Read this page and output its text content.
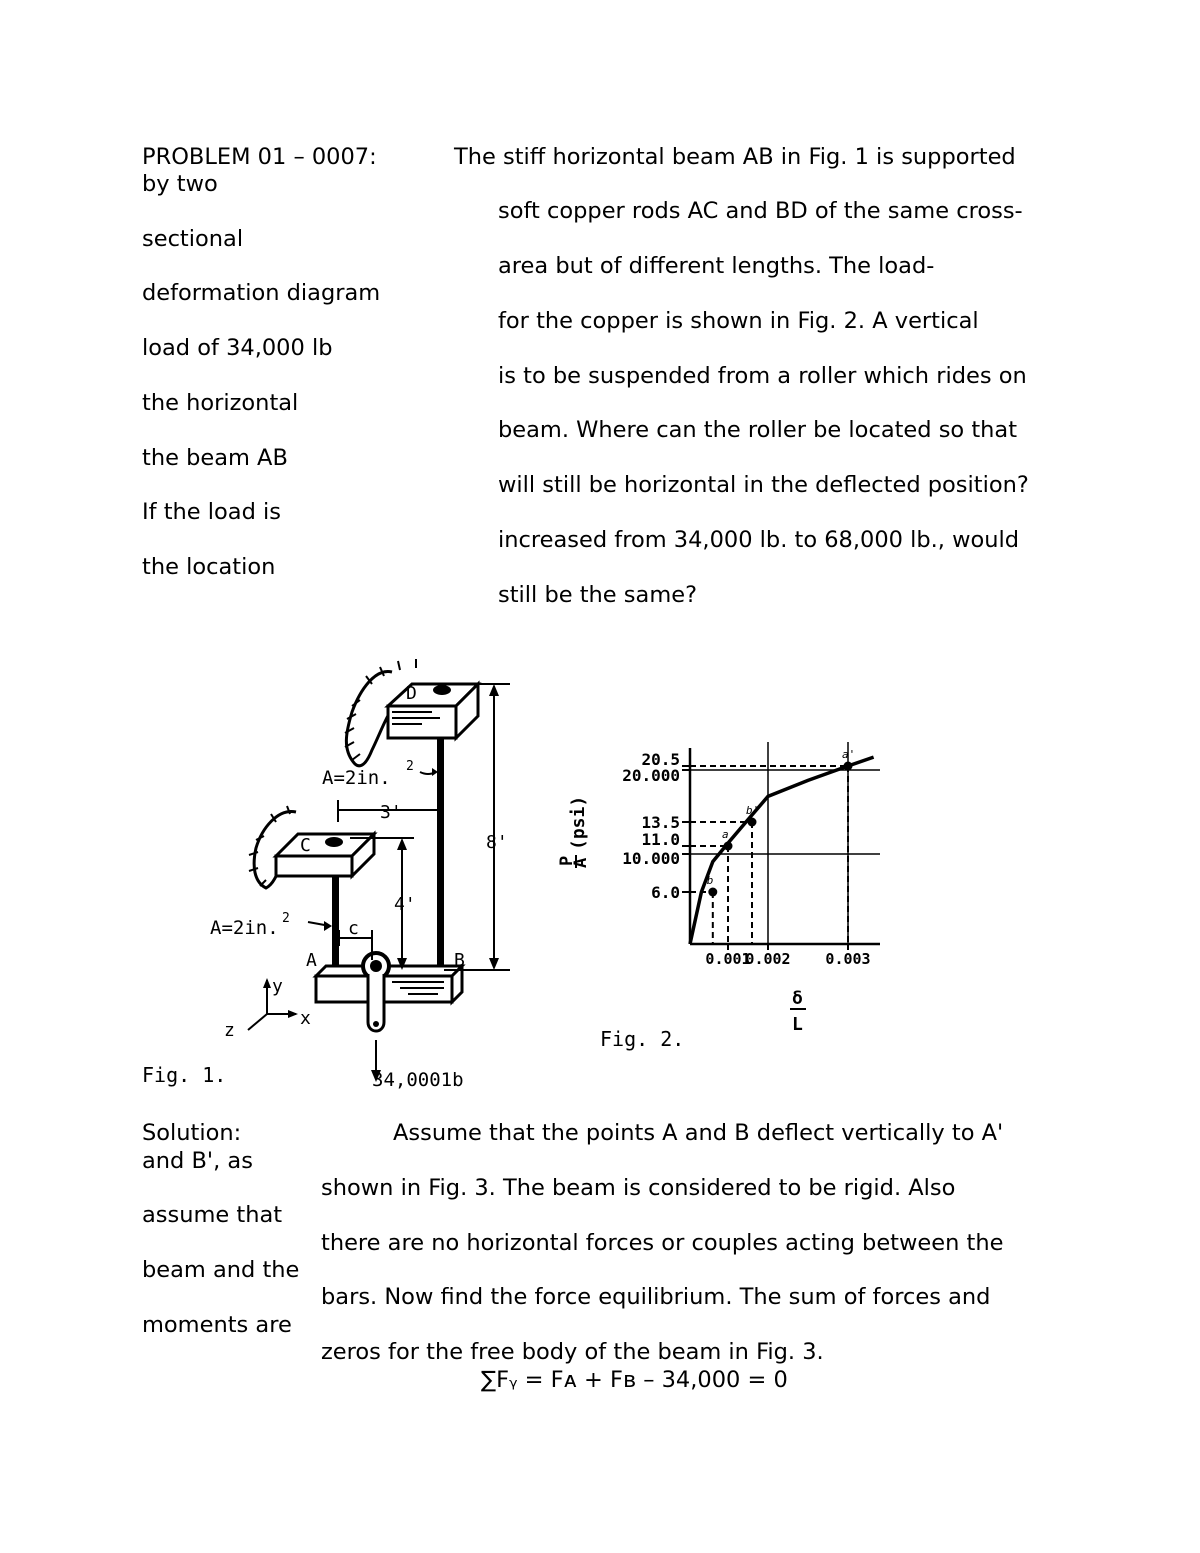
PROBLEM 01 – 0007:	The stiff horizontal beam AB in Fig. 1 is supported
by two
sectional
deformation diagram
load of 34,000 lb
the horizontal
the beam AB
If the load is
the location
soft copper rods AC and BD of the same cross-
area but of different lengths. The load-
for the copper is shown in Fig. 2. A vertical
is to be suspended from a roller which rides on
beam. Where can the roller be located so that
will still be horizontal in the deflected position?
increased from 34,000 lb. to 68,000 lb., would
still be the same?
D
C
A	B
A=2in.
2
A=2in. 2
3'
8'
4'
c
y
x
z
Fig. 1.	34,0001b
b
a
b'
a'
6.0
10.000
11.0
13.5
20.000
20.5
0.001
0.002 0.003
P
A
(psi)
δ
L
Fig. 2.
Solution:	Assume that the points A and B deflect vertically to A'
and B', as
assume that
beam and the
moments are
shown in Fig. 3. The beam is considered to be rigid. Also
there are no horizontal forces or couples acting between the
bars. Now find the force equilibrium. The sum of forces and
zeros for the free body of the beam in Fig. 3.
∑Fᵧ = Fᴀ + Fʙ – 34,000 = 0
